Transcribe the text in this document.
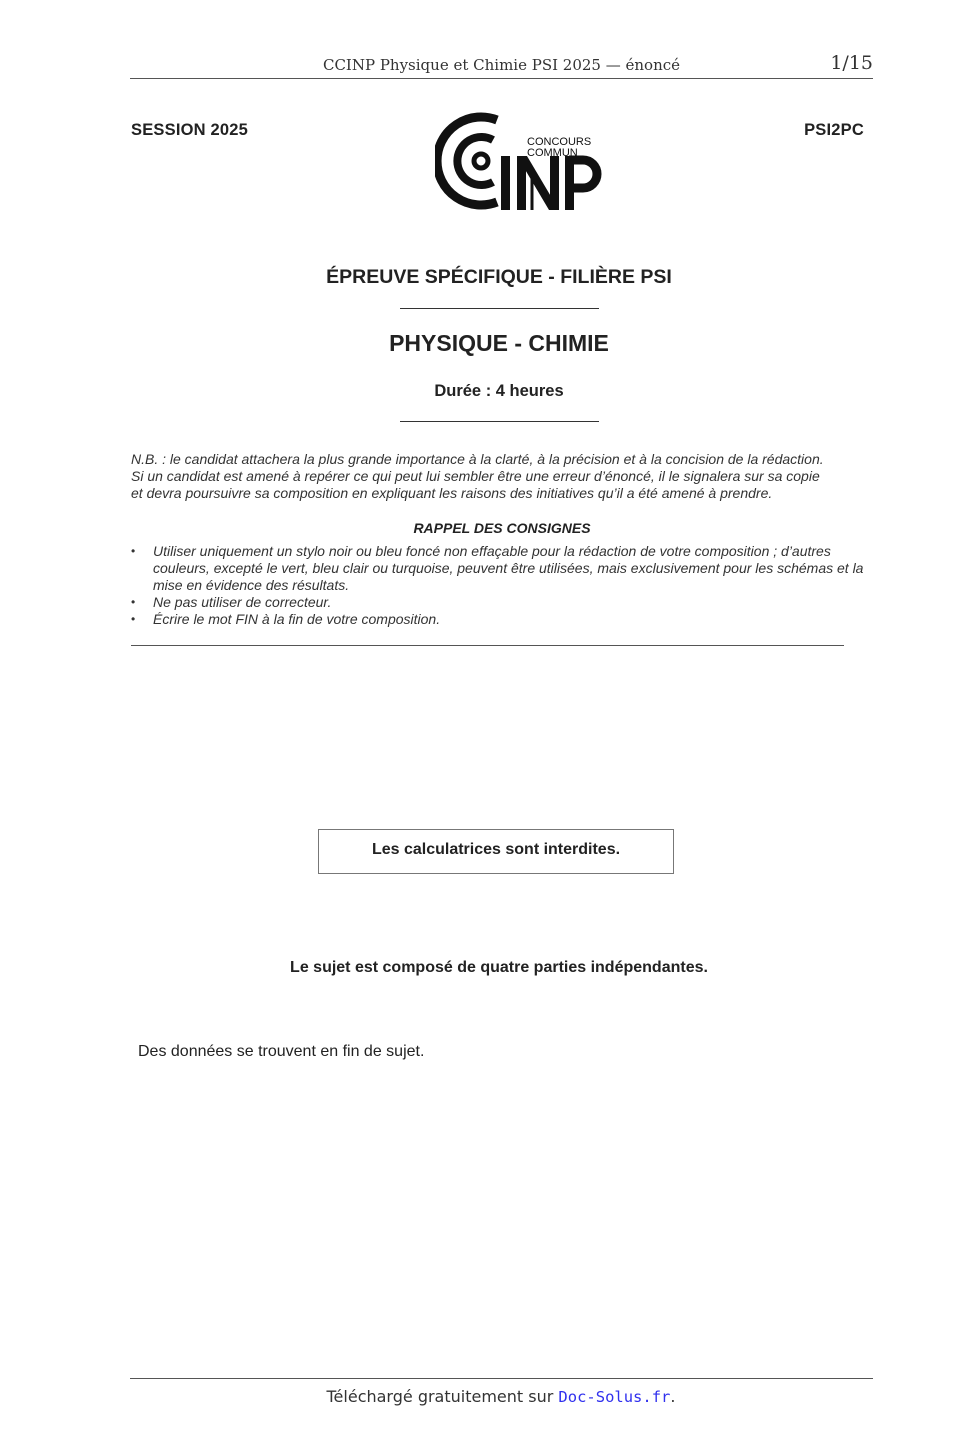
CCINP Physique et Chimie PSI 2025 — énoncé	1/15
SESSION 2025	PSI2PC
CONCOURS
COMMUN
ÉPREUVE SPÉCIFIQUE - FILIÈRE PSI
PHYSIQUE - CHIMIE
Durée : 4 heures

N.B. : le candidat attachera la plus grande importance à la clarté, à la précision et à la concision de la rédaction.
Si un candidat est amené à repérer ce qui peut lui sembler être une erreur d’énoncé, il le signalera sur sa copie
et devra poursuivre sa composition en expliquant les raisons des initiatives qu’il a été amené à prendre.

RAPPEL DES CONSIGNES
• Utiliser uniquement un stylo noir ou bleu foncé non effaçable pour la rédaction de votre composition ; d’autres couleurs, excepté le vert, bleu clair ou turquoise, peuvent être utilisées, mais exclusivement pour les schémas et la mise en évidence des résultats.
• Ne pas utiliser de correcteur.
• Écrire le mot FIN à la fin de votre composition.
Les calculatrices sont interdites.
Le sujet est composé de quatre parties indépendantes.
Des données se trouvent en fin de sujet.
Téléchargé gratuitement sur Doc-Solus.fr.
